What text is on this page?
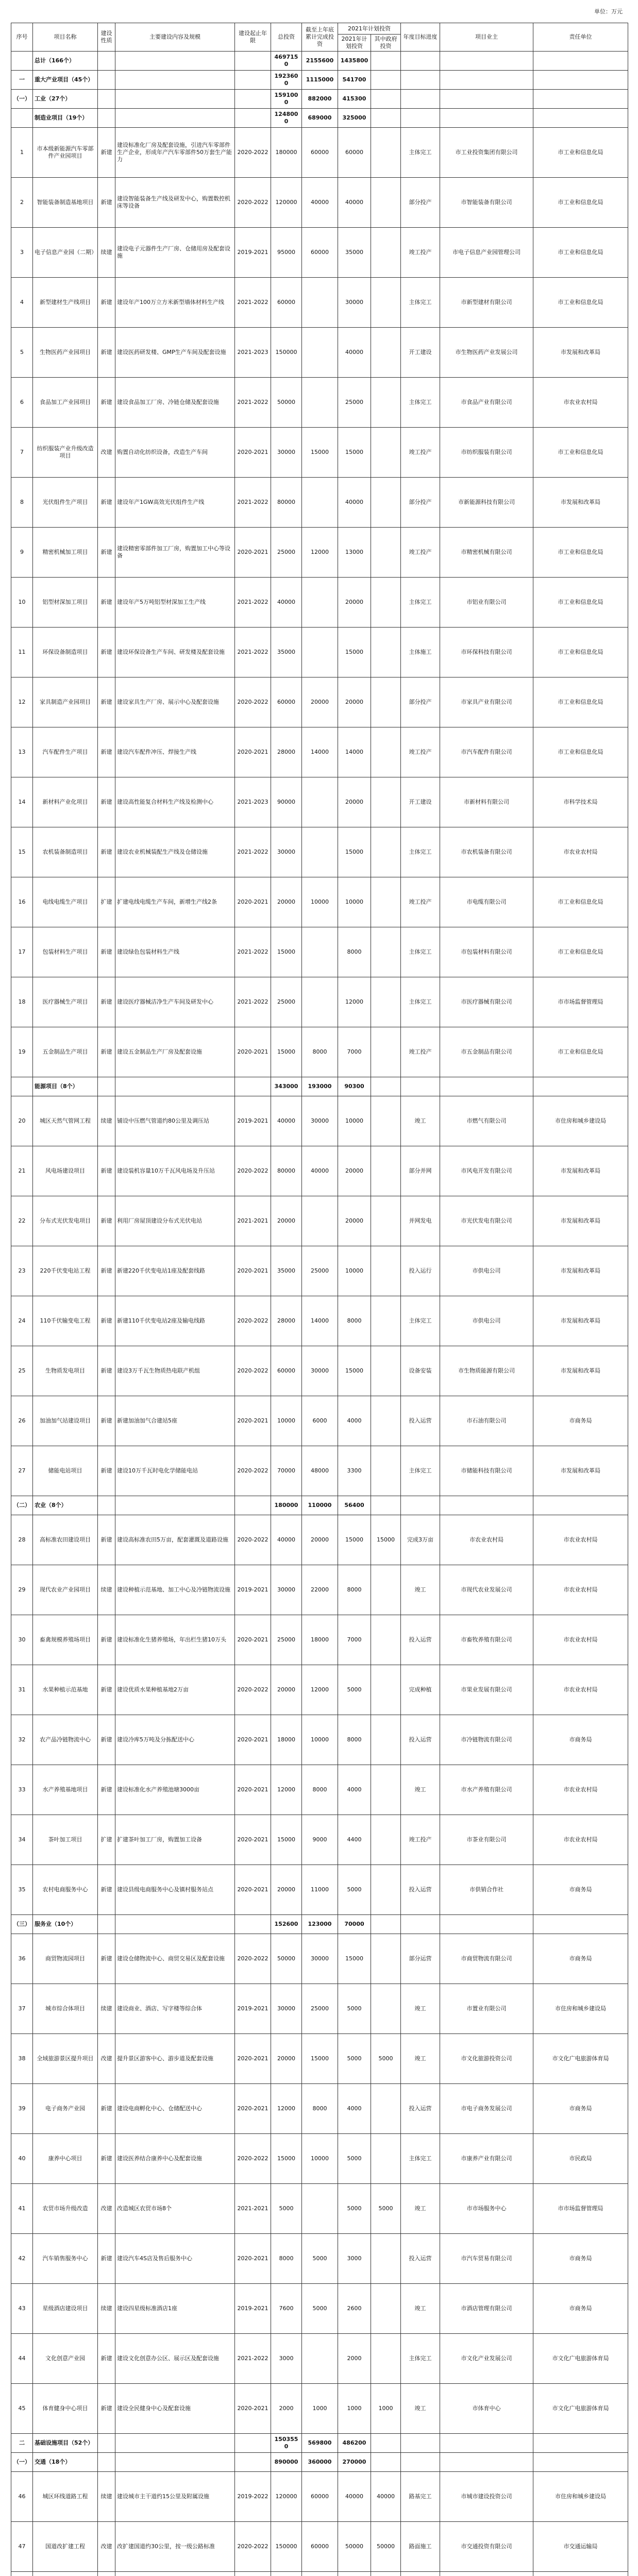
单位：万元
序号	项目名称	建设性质	主要建设内容及规模	建设起止年限	总投资	截至上年底累计完成投资	2021年计划投资		年度目标进度	项目业主	责任单位
							2021年计划投资	其中政府投资			
	总计（166个）				4697150	2155600	1435800				
一	重大产业项目（45个）				1923600	1115000	541700				
（一）	工业（27个）				1591000	882000	415300				
	制造业项目（19个）				1248000	689000	325000				
1	市本级新能源汽车零部件产业园项目	新建	建设标准化厂房及配套设施，引进汽车零部件生产企业，形成年产汽车零部件50万套生产能力	2020-2022	180000	60000	60000		主体完工	市工业投资集团有限公司	市工业和信息化局
2	智能装备制造基地项目	新建	建设智能装备生产线及研发中心，购置数控机床等设备	2020-2022	120000	40000	40000		部分投产	市智能装备有限公司	市工业和信息化局
3	电子信息产业园（二期）	续建	建设电子元器件生产厂房、仓储用房及配套设施	2019-2021	95000	60000	35000		竣工投产	市电子信息产业园管理公司	市工业和信息化局
4	新型建材生产线项目	新建	建设年产100万立方米新型墙体材料生产线	2021-2022	60000		30000		主体完工	市新型建材有限公司	市工业和信息化局
5	生物医药产业园项目	新建	建设医药研发楼、GMP生产车间及配套设施	2021-2023	150000		40000		开工建设	市生物医药产业发展公司	市发展和改革局
6	食品加工产业园项目	新建	建设食品加工厂房、冷链仓储及配套设施	2021-2022	50000		25000		主体完工	市食品产业有限公司	市农业农村局
7	纺织服装产业升级改造项目	改建	购置自动化纺织设备，改造生产车间	2020-2021	30000	15000	15000		竣工投产	市纺织服装有限公司	市工业和信息化局
8	光伏组件生产项目	新建	建设年产1GW高效光伏组件生产线	2021-2022	80000		40000		部分投产	市新能源科技有限公司	市发展和改革局
9	精密机械加工项目	新建	建设精密零部件加工厂房，购置加工中心等设备	2020-2021	25000	12000	13000		竣工投产	市精密机械有限公司	市工业和信息化局
10	铝型材深加工项目	新建	建设年产5万吨铝型材深加工生产线	2021-2022	40000		20000		主体完工	市铝业有限公司	市工业和信息化局
11	环保设备制造项目	新建	建设环保设备生产车间、研发楼及配套设施	2021-2022	35000		15000		主体施工	市环保科技有限公司	市工业和信息化局
12	家具制造产业园项目	新建	建设家具生产厂房、展示中心及配套设施	2020-2022	60000	20000	20000		部分投产	市家具产业有限公司	市工业和信息化局
13	汽车配件生产项目	新建	建设汽车配件冲压、焊接生产线	2020-2021	28000	14000	14000		竣工投产	市汽车配件有限公司	市工业和信息化局
14	新材料产业化项目	新建	建设高性能复合材料生产线及检测中心	2021-2023	90000		20000		开工建设	市新材料有限公司	市科学技术局
15	农机装备制造项目	新建	建设农业机械装配生产线及仓储设施	2021-2022	30000		15000		主体完工	市农机装备有限公司	市农业农村局
16	电线电缆生产项目	扩建	扩建电线电缆生产车间，新增生产线2条	2020-2021	20000	10000	10000		竣工投产	市电缆有限公司	市工业和信息化局
17	包装材料生产项目	新建	建设绿色包装材料生产线	2021-2022	15000		8000		主体完工	市包装材料有限公司	市工业和信息化局
18	医疗器械生产项目	新建	建设医疗器械洁净生产车间及研发中心	2021-2022	25000		12000		主体完工	市医疗器械有限公司	市市场监督管理局
19	五金制品生产项目	新建	建设五金制品生产厂房及配套设施	2020-2021	15000	8000	7000		竣工投产	市五金制品有限公司	市工业和信息化局
	能源项目（8个）				343000	193000	90300				
20	城区天然气管网工程	续建	铺设中压燃气管道约80公里及调压站	2019-2021	40000	30000	10000		竣工	市燃气有限公司	市住房和城乡建设局
21	风电场建设项目	新建	建设装机容量10万千瓦风电场及升压站	2020-2022	80000	40000	20000		部分并网	市风电开发有限公司	市发展和改革局
22	分布式光伏发电项目	新建	利用厂房屋顶建设分布式光伏电站	2021-2021	20000		20000		并网发电	市光伏发电有限公司	市发展和改革局
23	220千伏变电站工程	新建	新建220千伏变电站1座及配套线路	2020-2021	35000	25000	10000		投入运行	市供电公司	市发展和改革局
24	110千伏输变电工程	新建	新建110千伏变电站2座及输电线路	2020-2022	28000	14000	8000		主体完工	市供电公司	市发展和改革局
25	生物质发电项目	新建	建设3万千瓦生物质热电联产机组	2020-2022	60000	30000	15000		设备安装	市生物质能源有限公司	市发展和改革局
26	加油加气站建设项目	新建	新建加油加气合建站5座	2020-2021	10000	6000	4000		投入运营	市石油有限公司	市商务局
27	储能电站项目	新建	建设10万千瓦时电化学储能电站	2020-2022	70000	48000	3300		主体完工	市储能科技有限公司	市发展和改革局
（二）	农业（8个）				180000	110000	56400				
28	高标准农田建设项目	新建	建设高标准农田5万亩，配套灌溉及道路设施	2020-2022	40000	20000	15000	15000	完成3万亩	市农业农村局	市农业农村局
29	现代农业产业园项目	续建	建设种植示范基地、加工中心及冷链物流设施	2019-2021	30000	22000	8000		竣工	市现代农业发展公司	市农业农村局
30	畜禽规模养殖场项目	新建	建设标准化生猪养殖场，年出栏生猪10万头	2020-2021	25000	18000	7000		投入运营	市畜牧养殖有限公司	市农业农村局
31	水果种植示范基地	新建	建设优质水果种植基地2万亩	2020-2022	20000	12000	5000		完成种植	市果业发展有限公司	市农业农村局
32	农产品冷链物流中心	新建	建设冷库5万吨及分拣配送中心	2020-2021	18000	10000	8000		投入运营	市冷链物流有限公司	市商务局
33	水产养殖基地项目	新建	建设标准化水产养殖池塘3000亩	2020-2021	12000	8000	4000		竣工	市水产养殖有限公司	市农业农村局
34	茶叶加工项目	扩建	扩建茶叶加工厂房，购置加工设备	2020-2021	15000	9000	4400		竣工投产	市茶业有限公司	市农业农村局
35	农村电商服务中心	新建	建设县级电商服务中心及镇村服务站点	2020-2021	20000	11000	5000		投入运营	市供销合作社	市商务局
（三）	服务业（10个）				152600	123000	70000				
36	商贸物流园项目	新建	建设仓储物流中心、商贸交易区及配套设施	2020-2022	50000	30000	15000		部分运营	市商贸物流有限公司	市商务局
37	城市综合体项目	续建	建设商业、酒店、写字楼等综合体	2019-2021	30000	25000	5000		竣工	市置业有限公司	市住房和城乡建设局
38	全域旅游景区提升项目	改建	提升景区游客中心、游步道及配套设施	2020-2021	20000	15000	5000	5000	竣工	市文化旅游投资公司	市文化广电旅游体育局
39	电子商务产业园	新建	建设电商孵化中心、仓储配送中心	2020-2021	12000	8000	4000		投入运营	市电子商务发展公司	市商务局
40	康养中心项目	新建	建设医养结合康养中心及配套设施	2020-2022	15000	10000	5000		主体完工	市康养产业有限公司	市民政局
41	农贸市场升级改造	改建	改造城区农贸市场8个	2021-2021	5000		5000	5000	竣工	市市场服务中心	市市场监督管理局
42	汽车销售服务中心	新建	建设汽车4S店及售后服务中心	2020-2021	8000	5000	3000		投入运营	市汽车贸易有限公司	市商务局
43	星级酒店建设项目	续建	建设四星级标准酒店1座	2019-2021	7600	5000	2600		竣工	市酒店管理有限公司	市商务局
44	文化创意产业园	新建	建设文化创意办公区、展示区及配套设施	2021-2022	3000		2000		主体完工	市文化产业发展公司	市文化广电旅游体育局
45	体育健身中心项目	新建	建设全民健身中心及配套设施	2020-2021	2000	1000	1000	1000	竣工	市体育中心	市文化广电旅游体育局
二	基础设施项目（52个）				1503550	569800	486200				
（一）	交通（18个）				890000	360000	270000				
46	城区环线道路工程	续建	建设城市主干道约15公里及附属设施	2019-2022	120000	60000	40000	40000	路基完工	市城市建设投资公司	市住房和城乡建设局
47	国道改扩建工程	改建	改扩建国道约30公里，按一级公路标准	2020-2022	150000	60000	50000	50000	路面施工	市交通投资有限公司	市交通运输局
